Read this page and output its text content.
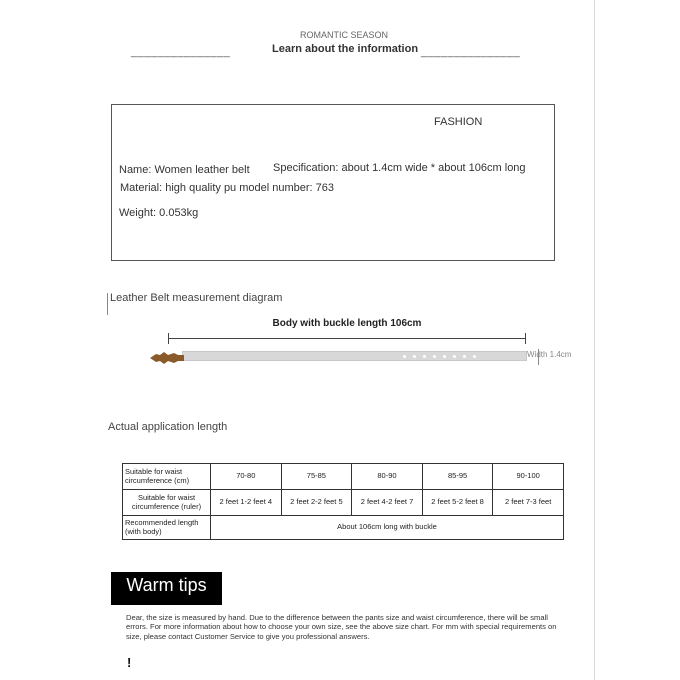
ROMANTIC SEASON
_______________	Learn about the information _______________
FASHION
Name: Women leather belt Specification: about 1.4cm wide * about 106cm long
Material: high quality pu model number: 763
Weight: 0.053kg
Leather Belt measurement diagram
Body with buckle length 106cm
Width 1.4cm
Actual application length
Suitable for waist circumference (cm)	70-80	75-85	80-90	85-95	90-100
Suitable for waist circumference (ruler)	2 feet 1-2 feet 4	2 feet 2-2 feet 5	2 feet 4-2 feet 7	2 feet 5-2 feet 8	2 feet 7-3 feet
Recommended length (with body)	About 106cm long with buckle				
Warm tips
Dear, the size is measured by hand. Due to the difference between the pants size and waist circumference, there will be small errors. For more information about how to choose your own size, see the above size chart. For mm with special requirements on size, please contact Customer Service to give you professional answers.
!
